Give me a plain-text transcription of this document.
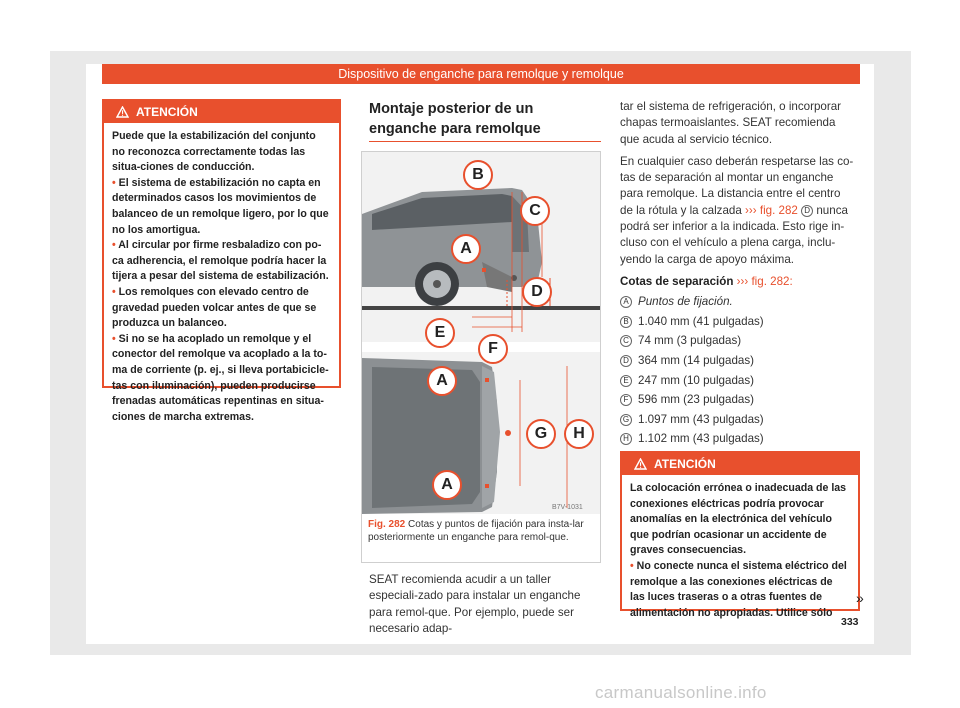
Dispositivo de enganche para remolque y remolque
ATENCIÓN

Puede que la estabilización del conjunto no reconozca correctamente todas las situa-ciones de conducción.

• El sistema de estabilización no capta en determinados casos los movimientos de balanceo de un remolque ligero, por lo que no los amortigua.

• Al circular por firme resbaladizo con po-ca adherencia, el remolque podría hacer la tijera a pesar del sistema de estabilización.

• Los remolques con elevado centro de gravedad pueden volcar antes de que se produzca un balanceo.

• Si no se ha acoplado un remolque y el conector del remolque va acoplado a la to-ma de corriente (p. ej., si lleva portabicicle-tas con iluminación), pueden producirse frenadas automáticas repentinas en situa-ciones de marcha extremas.

Montaje posterior de un enganche para remolque
B
C
A
D
E
F
A
G	H
A
B7V-1031
Fig. 282 Cotas y puntos de fijación para insta-lar posteriormente un enganche para remol-que.
SEAT recomienda acudir a un taller especiali-zado para instalar un enganche para remol-que. Por ejemplo, puede ser necesario adap-

tar el sistema de refrigeración, o incorporar chapas termoaislantes. SEAT recomienda que acuda al servicio técnico.

En cualquier caso deberán respetarse las co-tas de separación al montar un enganche para remolque. La distancia entre el centro de la rótula y la calzada ››› fig. 282 D nunca podrá ser inferior a la indicada. Esto rige in-cluso con el vehículo a plena carga, inclu-yendo la carga de apoyo máxima.

Cotas de separación ››› fig. 282:

A Puntos de fijación.
B 1.040 mm (41 pulgadas)
C 74 mm (3 pulgadas)
D 364 mm (14 pulgadas)
E 247 mm (10 pulgadas)
F 596 mm (23 pulgadas)
G 1.097 mm (43 pulgadas)
H 1.102 mm (43 pulgadas)
ATENCIÓN

La colocación errónea o inadecuada de las conexiones eléctricas podría provocar anomalías en la electrónica del vehículo que podrían ocasionar un accidente de graves consecuencias.

• No conecte nunca el sistema eléctrico del remolque a las conexiones eléctricas de las luces traseras o a otras fuentes de alimentación no apropiadas. Utilice sólo

»
333
carmanualsonline.info
